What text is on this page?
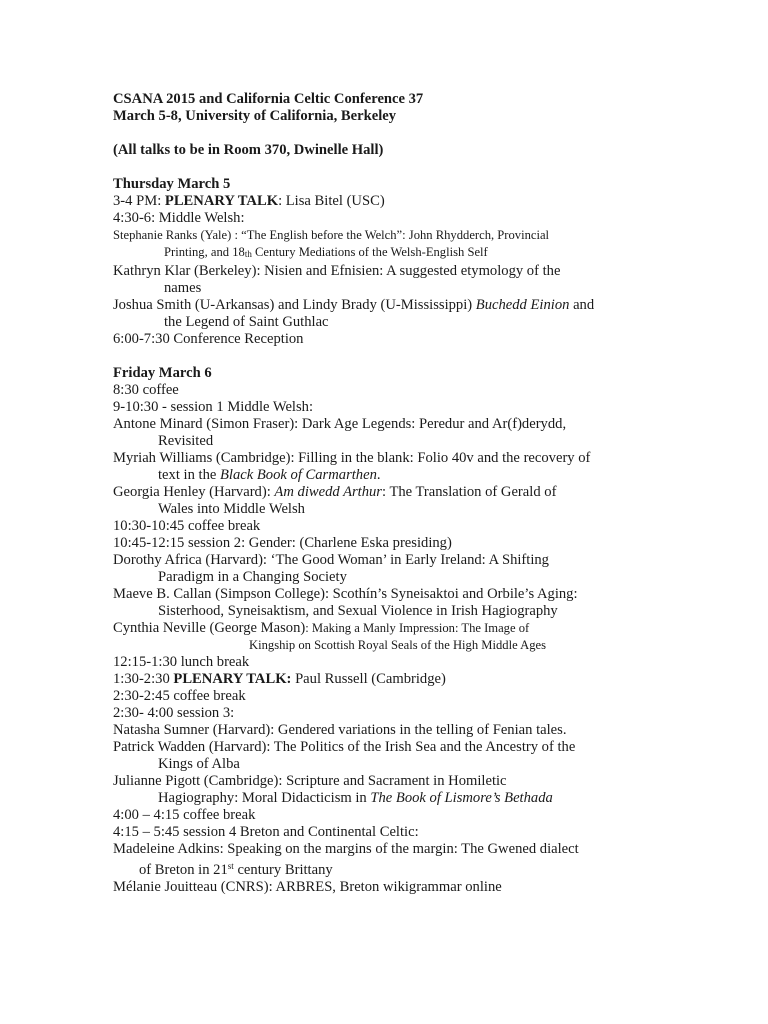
CSANA 2015 and California Celtic Conference 37
March 5-8, University of California, Berkeley
(All talks to be in Room 370, Dwinelle Hall)
Thursday March 5
3-4 PM: PLENARY TALK: Lisa Bitel (USC)
4:30-6: Middle Welsh:
Stephanie Ranks (Yale) : “The English before the Welch”: John Rhydderch, Provincial
Printing, and $18_{th}$ Century Mediations of the Welsh-English Self
Kathryn Klar (Berkeley): Nisien and Efnisien: A suggested etymology of the
names
Joshua Smith (U-Arkansas) and Lindy Brady (U-Mississippi) Buchedd Einion and
the Legend of Saint Guthlac
6:00-7:30 Conference Reception
Friday March 6
8:30 coffee
9-10:30 - session 1 Middle Welsh:
Antone Minard (Simon Fraser): Dark Age Legends: Peredur and Ar(f)derydd,
Revisited
Myriah Williams (Cambridge): Filling in the blank: Folio 40v and the recovery of
text in the Black Book of Carmarthen.
Georgia Henley (Harvard): Am diwedd Arthur: The Translation of Gerald of
Wales into Middle Welsh
10:30-10:45 coffee break
10:45-12:15 session 2: Gender: (Charlene Eska presiding)
Dorothy Africa (Harvard): ‘The Good Woman’ in Early Ireland: A Shifting
Paradigm in a Changing Society
Maeve B. Callan (Simpson College): Scothín’s Syneisaktoi and Orbile’s Aging:
Sisterhood, Syneisaktism, and Sexual Violence in Irish Hagiography
Cynthia Neville (George Mason): Making a Manly Impression: The Image of
Kingship on Scottish Royal Seals of the High Middle Ages
12:15-1:30 lunch break
1:30-2:30 PLENARY TALK: Paul Russell (Cambridge)
2:30-2:45 coffee break
2:30- 4:00 session 3:
Natasha Sumner (Harvard): Gendered variations in the telling of Fenian tales.
Patrick Wadden (Harvard): The Politics of the Irish Sea and the Ancestry of the
Kings of Alba
Julianne Pigott (Cambridge): Scripture and Sacrament in Homiletic
Hagiography: Moral Didacticism in The Book of Lismore’s Bethada
4:00 – 4:15 coffee break
4:15 – 5:45 session 4 Breton and Continental Celtic:
Madeleine Adkins: Speaking on the margins of the margin: The Gwened dialect
of Breton in 21st century Brittany
Mélanie Jouitteau (CNRS): ARBRES, Breton wikigrammar online
